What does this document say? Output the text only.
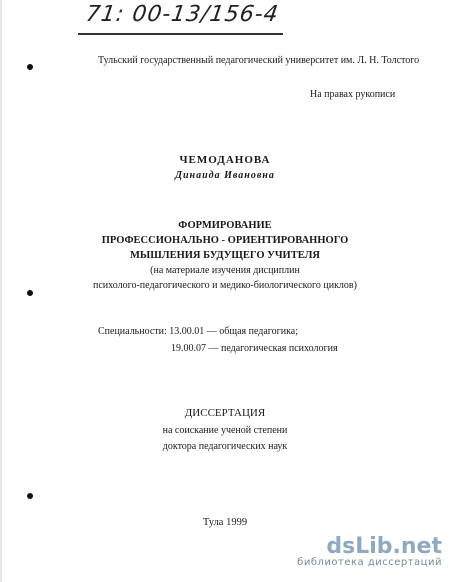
71: 00-13/156-4
Тульский государственный педагогический университет им. Л. Н. Толстого
На правах рукописи
ЧЕМОДАНОВА
Динаида Ивановна
ФОРМИРОВАНИЕ
ПРОФЕССИОНАЛЬНО - ОРИЕНТИРОВАННОГО
МЫШЛЕНИЯ БУДУЩЕГО УЧИТЕЛЯ
(на материале изучения дисциплин
психолого-педагогического и медико-биологического циклов)
Специальности: 13.00.01 — общая педагогика;
19.00.07 — педагогическая психология
ДИССЕРТАЦИЯ
на соискание ученой степени
доктора педагогических наук
Тула 1999
dsLib.net
библиотека диссертаций
